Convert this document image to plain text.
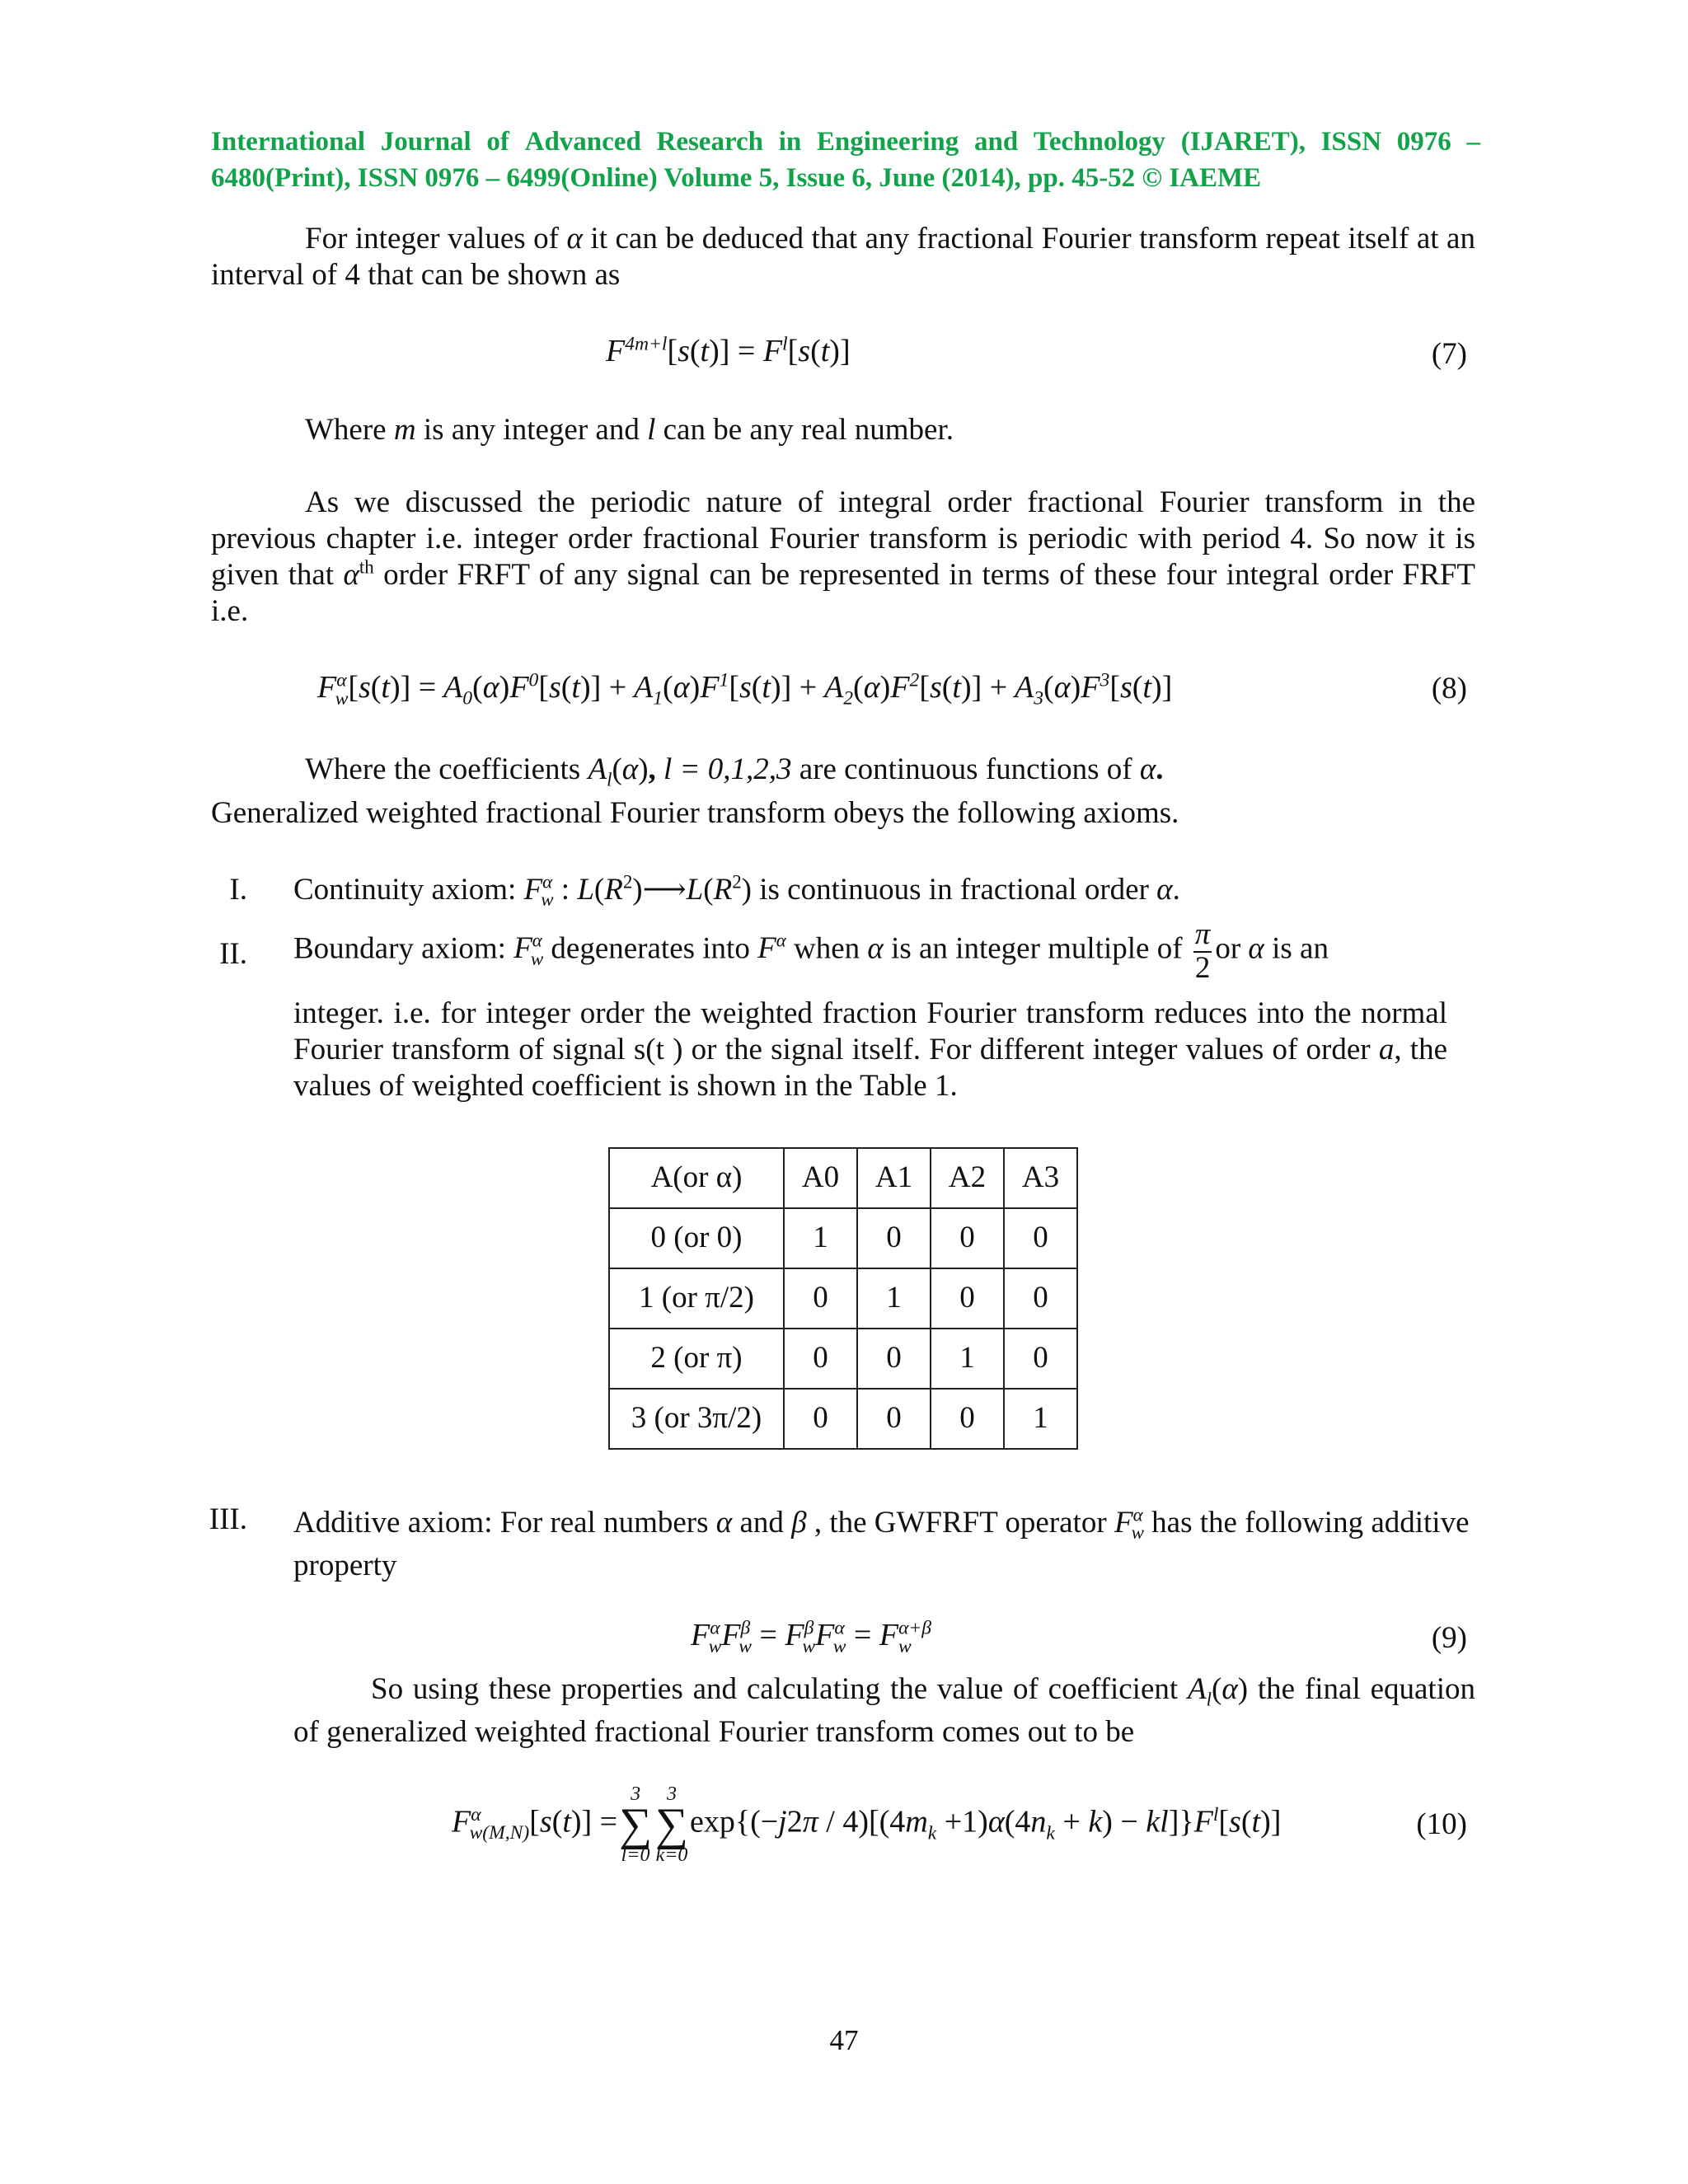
International Journal of Advanced Research in Engineering and Technology (IJARET), ISSN 0976 –
6480(Print), ISSN 0976 – 6499(Online) Volume 5, Issue 6, June (2014), pp. 45-52 © IAEME
For integer values of α it can be deduced that any fractional Fourier transform repeat itself at an interval of 4 that can be shown as
$F^{4m+l}[s(t)] = F^l[s(t)]$	(7)
Where m is any integer and l can be any real number.
As we discussed the periodic nature of integral order fractional Fourier transform in the previous chapter i.e. integer order fractional Fourier transform is periodic with period 4. So now it is given that $\alpha^{th}$ order FRFT of any signal can be represented in terms of these four integral order FRFT i.e.
$F^\alpha_w[s(t)] = A_0(\alpha)F^0[s(t)] + A_1(\alpha)F^1[s(t)] + A_2(\alpha)F^2[s(t)] + A_3(\alpha)F^3[s(t)]$	(8)
Where the coefficients $A_l(\alpha)$, l = 0,1,2,3 are continuous functions of α.
Generalized weighted fractional Fourier transform obeys the following axioms.
I. Continuity axiom: $F^\alpha_w$ : $L(R^2)⟶L(R^2)$ is continuous in fractional order α.
II. Boundary axiom: $F^\alpha_w$ degenerates into $F^\alpha$ when α is an integer multiple of $\frac{\pi}{2}$ or α is an
integer. i.e. for integer order the weighted fraction Fourier transform reduces into the normal Fourier transform of signal s(t ) or the signal itself. For different integer values of order a, the values of weighted coefficient is shown in the Table 1.
A(or α)	A0	A1	A2	A3
0 (or 0)	1	0	0	0
1 (or π/2)	0	1	0	0
2 (or π)	0	0	1	0
3 (or 3π/2)	0	0	0	1
III. Additive axiom: For real numbers α and β , the GWFRFT operator $F^\alpha_w$ has the following additive property
$F^\alpha_wF^\beta_w = F^\beta_wF^\alpha_w = F^{\alpha+\beta}_w$	(9)
So using these properties and calculating the value of coefficient $A_l(\alpha)$ the final equation of generalized weighted fractional Fourier transform comes out to be
$F^\alpha_{w(M,N)}[s(t)]$ =
3
∑
l=0
3
∑
k=0
$\exp\{(-j2\pi / 4)[(4m_k +1)\alpha(4n_k + k) - kl]\}F^l[s(t)]$	(10)
47
